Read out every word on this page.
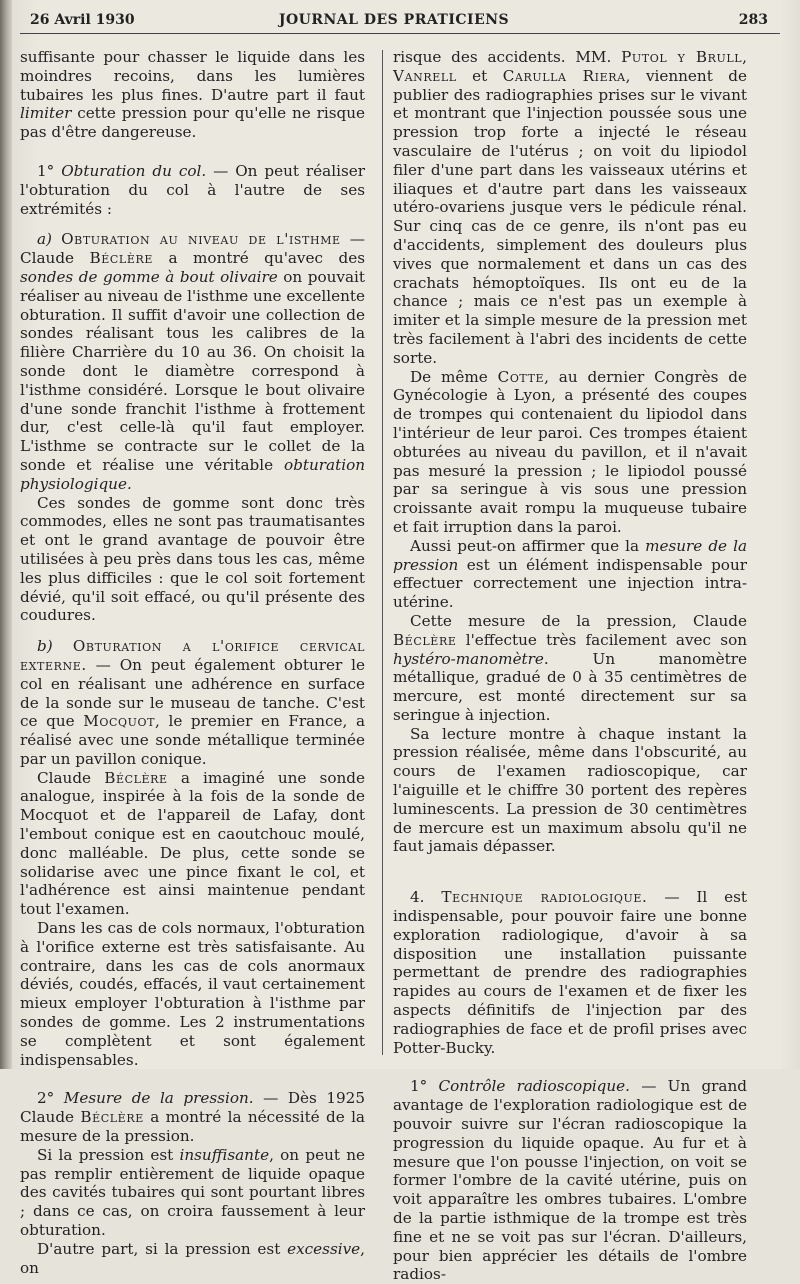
26 Avril 1930	JOURNAL DES PRATICIENS	283

suffisante pour chasser le liquide dans les moindres recoins, dans les lumières tubaires les plus fines. D'autre part il faut limiter cette pression pour qu'elle ne risque pas d'être dangereuse.

1° Obturation du col. — On peut réaliser l'obturation du col à l'autre de ses extrémités :

a) Obturation au niveau de l'isthme — Claude Béclère a montré qu'avec des sondes de gomme à bout olivaire on pouvait réaliser au niveau de l'isthme une excellente obturation. Il suffit d'avoir une collection de sondes réalisant tous les calibres de la filière Charrière du 10 au 36. On choisit la sonde dont le diamètre correspond à l'isthme considéré. Lorsque le bout olivaire d'une sonde franchit l'isthme à frottement dur, c'est celle-là qu'il faut employer. L'isthme se contracte sur le collet de la sonde et réalise une véritable obturation physiologique.

Ces sondes de gomme sont donc très commodes, elles ne sont pas traumatisantes et ont le grand avantage de pouvoir être utilisées à peu près dans tous les cas, même les plus difficiles : que le col soit fortement dévié, qu'il soit effacé, ou qu'il présente des coudures.

b) Obturation a l'orifice cervical externe. — On peut également obturer le col en réalisant une adhérence en surface de la sonde sur le museau de tanche. C'est ce que Mocquot, le premier en France, a réalisé avec une sonde métallique terminée par un pavillon conique.

Claude Béclère a imaginé une sonde analogue, inspirée à la fois de la sonde de Mocquot et de l'appareil de Lafay, dont l'embout conique est en caoutchouc moulé, donc malléable. De plus, cette sonde se solidarise avec une pince fixant le col, et l'adhérence est ainsi maintenue pendant tout l'examen.

Dans les cas de cols normaux, l'obturation à l'orifice externe est très satisfaisante. Au contraire, dans les cas de cols anormaux déviés, coudés, effacés, il vaut certainement mieux employer l'obturation à l'isthme par sondes de gomme. Les 2 instrumentations se complètent et sont également indispensables.

2° Mesure de la pression. — Dès 1925 Claude Béclère a montré la nécessité de la mesure de la pression.

Si la pression est insuffisante, on peut ne pas remplir entièrement de liquide opaque des cavités tubaires qui sont pourtant libres ; dans ce cas, on croira faussement à leur obturation.

D'autre part, si la pression est excessive, on

risque des accidents. MM. Putol y Brull, Vanrell et Carulla Riera, viennent de publier des radiographies prises sur le vivant et montrant que l'injection poussée sous une pression trop forte a injecté le réseau vasculaire de l'utérus ; on voit du lipiodol filer d'une part dans les vaisseaux utérins et iliaques et d'autre part dans les vaisseaux utéro-ovariens jusque vers le pédicule rénal. Sur cinq cas de ce genre, ils n'ont pas eu d'accidents, simplement des douleurs plus vives que normalement et dans un cas des crachats hémoptoïques. Ils ont eu de la chance ; mais ce n'est pas un exemple à imiter et la simple mesure de la pression met très facilement à l'abri des incidents de cette sorte.

De même Cotte, au dernier Congrès de Gynécologie à Lyon, a présenté des coupes de trompes qui contenaient du lipiodol dans l'intérieur de leur paroi. Ces trompes étaient obturées au niveau du pavillon, et il n'avait pas mesuré la pression ; le lipiodol poussé par sa seringue à vis sous une pression croissante avait rompu la muqueuse tubaire et fait irruption dans la paroi.

Aussi peut-on affirmer que la mesure de la pression est un élément indispensable pour effectuer correctement une injection intra-utérine.

Cette mesure de la pression, Claude Béclère l'effectue très facilement avec son hystéro-manomètre. Un manomètre métallique, gradué de 0 à 35 centimètres de mercure, est monté directement sur sa seringue à injection.

Sa lecture montre à chaque instant la pression réalisée, même dans l'obscurité, au cours de l'examen radioscopique, car l'aiguille et le chiffre 30 portent des repères luminescents. La pression de 30 centimètres de mercure est un maximum absolu qu'il ne faut jamais dépasser.

4. Technique radiologique. — Il est indispensable, pour pouvoir faire une bonne exploration radiologique, d'avoir à sa disposition une installation puissante permettant de prendre des radiographies rapides au cours de l'examen et de fixer les aspects définitifs de l'injection par des radiographies de face et de profil prises avec Potter-Bucky.

1° Contrôle radioscopique. — Un grand avantage de l'exploration radiologique est de pouvoir suivre sur l'écran radioscopique la progression du liquide opaque. Au fur et à mesure que l'on pousse l'injection, on voit se former l'ombre de la cavité utérine, puis on voit apparaître les ombres tubaires. L'ombre de la partie isthmique de la trompe est très fine et ne se voit pas sur l'écran. D'ailleurs, pour bien apprécier les détails de l'ombre radios-
